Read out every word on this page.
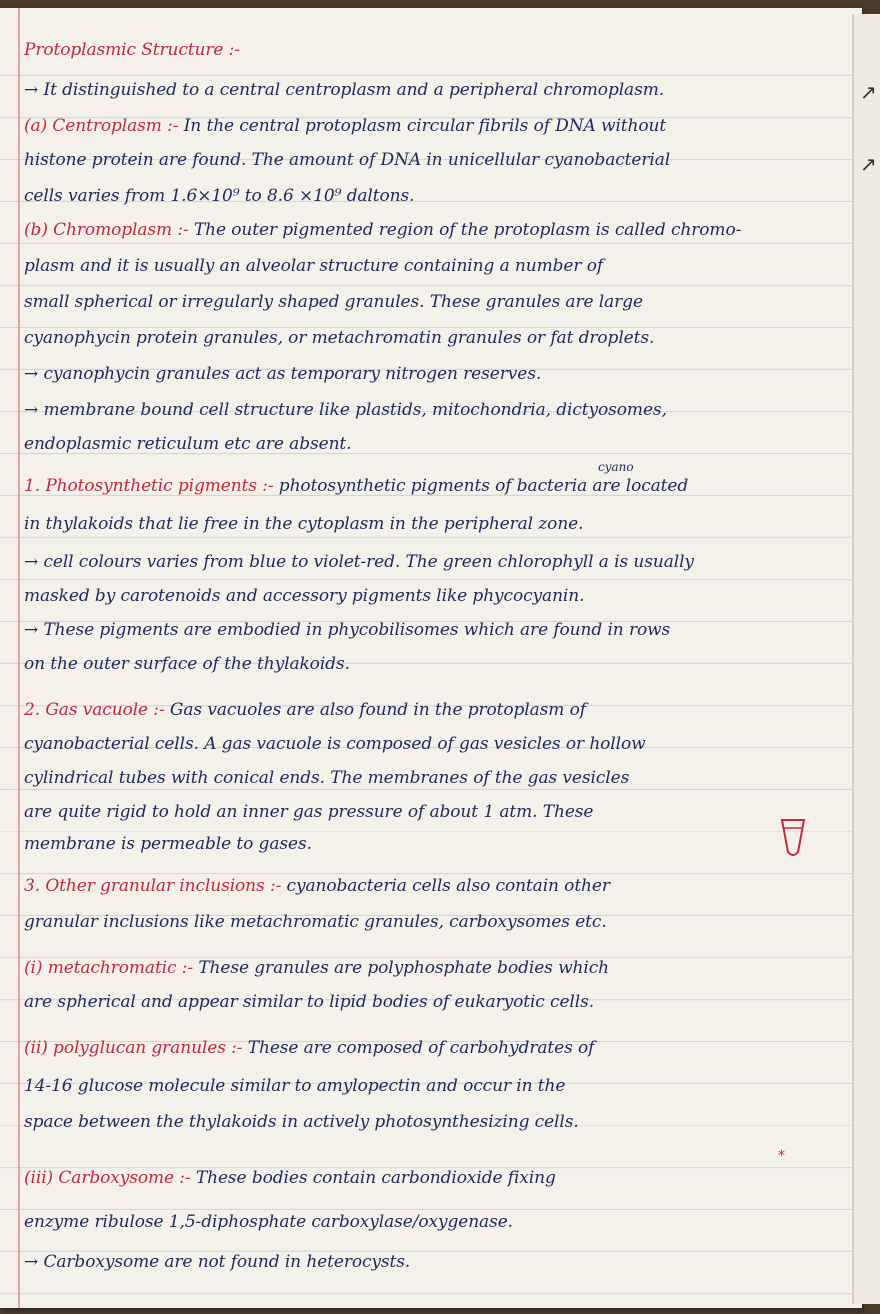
Protoplasmic Structure :-
→ It distinguished to a central centroplasm and a peripheral chromoplasm.
(a) Centroplasm :- In the central protoplasm circular fibrils of DNA without
histone protein are found. The amount of DNA in unicellular cyanobacterial
cells varies from 1.6×10⁹ to 8.6 ×10⁹ daltons.
(b) Chromoplasm :- The outer pigmented region of the protoplasm is called chromo-
plasm and it is usually an alveolar structure containing a number of
small spherical or irregularly shaped granules. These granules are large
cyanophycin protein granules, or metachromatin granules or fat droplets.
→ cyanophycin granules act as temporary nitrogen reserves.
→ membrane bound cell structure like plastids, mitochondria, dictyosomes,
endoplasmic reticulum etc are absent.
1. Photosynthetic pigments :- photosynthetic pigments of bacteria are located
in thylakoids that lie free in the cytoplasm in the peripheral zone.
→ cell colours varies from blue to violet-red. The green chlorophyll a is usually
masked by carotenoids and accessory pigments like phycocyanin.
→ These pigments are embodied in phycobilisomes which are found in rows
on the outer surface of the thylakoids.
2. Gas vacuole :- Gas vacuoles are also found in the protoplasm of
cyanobacterial cells. A gas vacuole is composed of gas vesicles or hollow
cylindrical tubes with conical ends. The membranes of the gas vesicles
are quite rigid to hold an inner gas pressure of about 1 atm. These
membrane is permeable to gases.
3. Other granular inclusions :- cyanobacteria cells also contain other
granular inclusions like metachromatic granules, carboxysomes etc.
(i) metachromatic :- These granules are polyphosphate bodies which
are spherical and appear similar to lipid bodies of eukaryotic cells.
(ii) polyglucan granules :- These are composed of carbohydrates of
14-16 glucose molecule similar to amylopectin and occur in the
space between the thylakoids in actively photosynthesizing cells.
(iii) Carboxysome :- These bodies contain carbondioxide fixing
enzyme ribulose 1,5-diphosphate carboxylase/oxygenase.
→ Carboxysome are not found in heterocysts.
cyano
*
↗
↗
